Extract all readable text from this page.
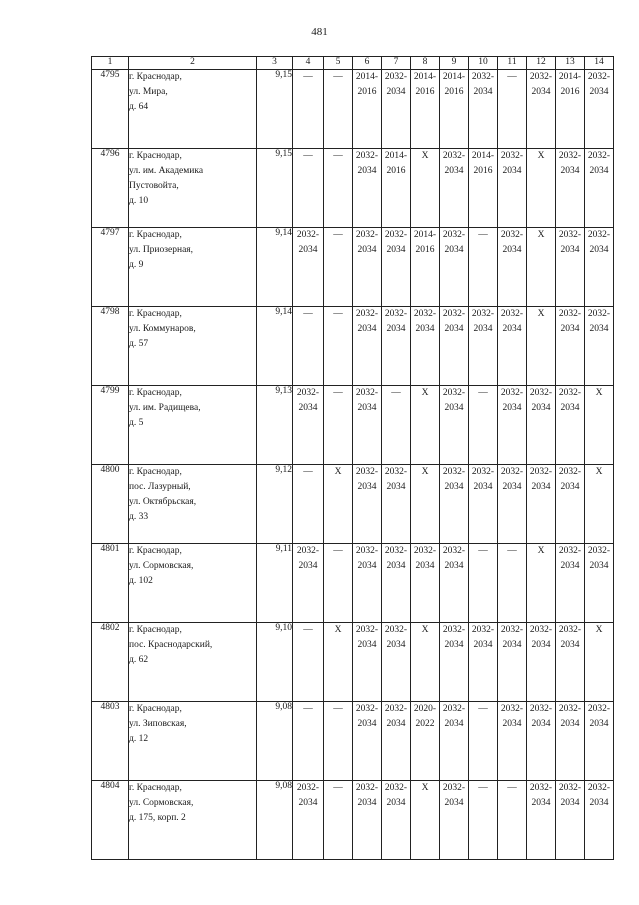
481
1	2	3	4	5	6	7	8	9	10	11	12	13	14
4795	г. Краснодар,
ул. Мира,
д. 64	9,15	—	—	2014-
2016	2032-
2034	2014-
2016	2014-
2016	2032-
2034	—	2032-
2034	2014-
2016	2032-
2034

4796	г. Краснодар,
ул. им. Академика
Пустовойта,
д. 10	9,15	—	—	2032-
2034	2014-
2016	X	2032-
2034	2014-
2016	2032-
2034	X	2032-
2034	2032-
2034

4797	г. Краснодар,
ул. Приозерная,
д. 9	9,14	2032-
2034	—	2032-
2034	2032-
2034	2014-
2016	2032-
2034	—	2032-
2034	X	2032-
2034	2032-
2034

4798	г. Краснодар,
ул. Коммунаров,
д. 57	9,14	—	—	2032-
2034	2032-
2034	2032-
2034	2032-
2034	2032-
2034	2032-
2034	X	2032-
2034	2032-
2034

4799	г. Краснодар,
ул. им. Радищева,
д. 5	9,13	2032-
2034	—	2032-
2034	—	X	2032-
2034	—	2032-
2034	2032-
2034	2032-
2034	X

4800	г. Краснодар,
пос. Лазурный,
ул. Октябрьская,
д. 33	9,12	—	X	2032-
2034	2032-
2034	X	2032-
2034	2032-
2034	2032-
2034	2032-
2034	2032-
2034	X

4801	г. Краснодар,
ул. Сормовская,
д. 102	9,11	2032-
2034	—	2032-
2034	2032-
2034	2032-
2034	2032-
2034	—	—	X	2032-
2034	2032-
2034

4802	г. Краснодар,
пос. Краснодарский,
д. 62	9,10	—	X	2032-
2034	2032-
2034	X	2032-
2034	2032-
2034	2032-
2034	2032-
2034	2032-
2034	X

4803	г. Краснодар,
ул. Зиповская,
д. 12	9,08	—	—	2032-
2034	2032-
2034	2020-
2022	2032-
2034	—	2032-
2034	2032-
2034	2032-
2034	2032-
2034

4804	г. Краснодар,
ул. Сормовская,
д. 175, корп. 2	9,08	2032-
2034	—	2032-
2034	2032-
2034	X	2032-
2034	—	—	2032-
2034	2032-
2034	2032-
2034
